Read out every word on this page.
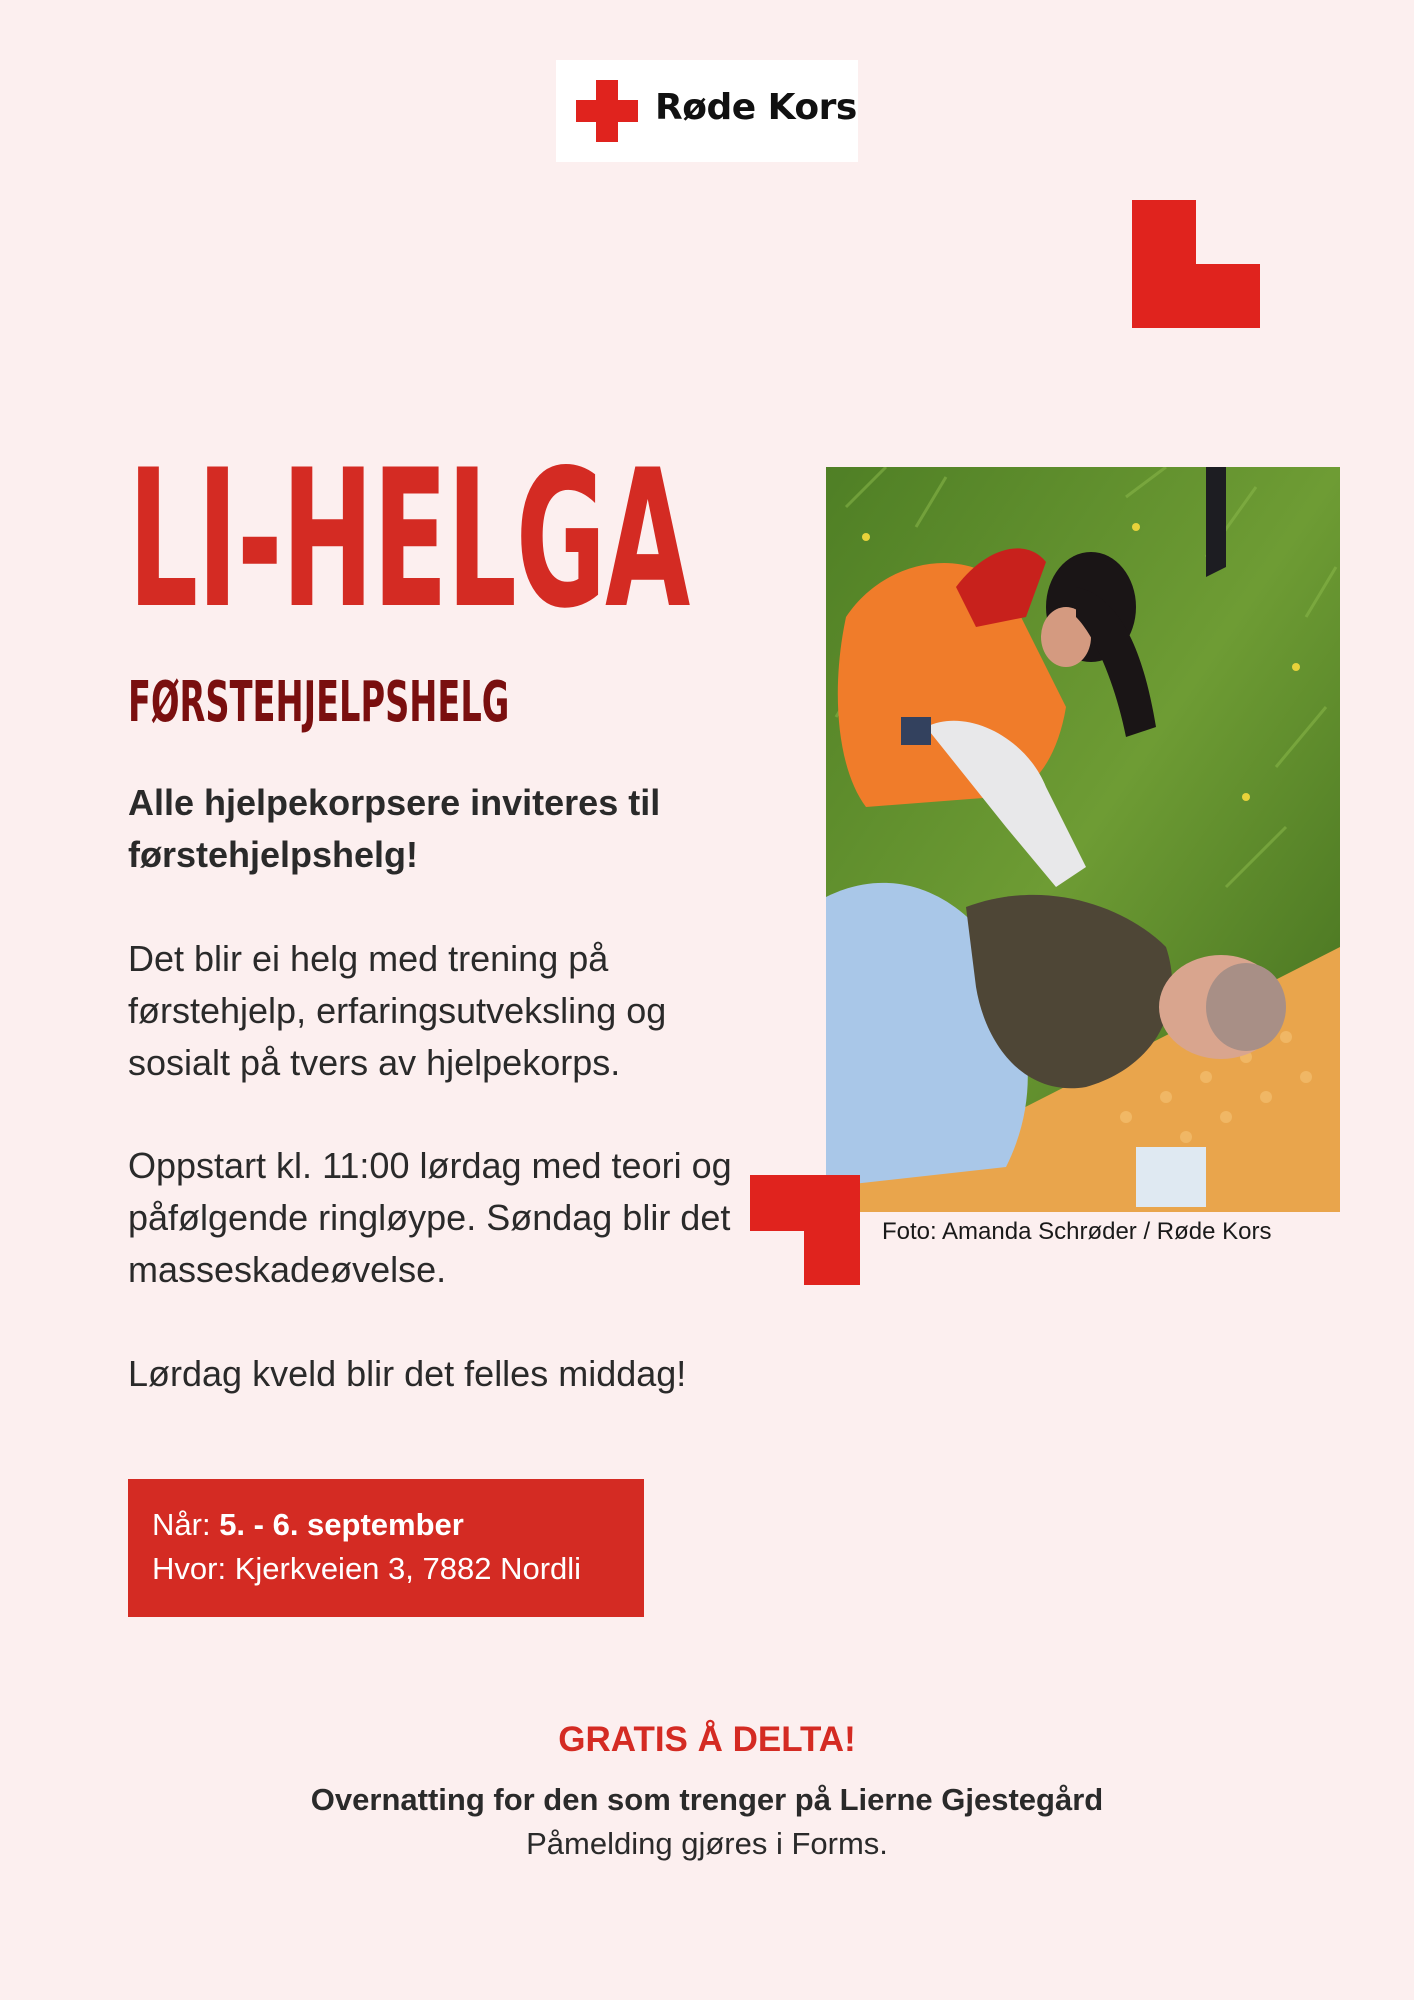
Røde Kors
LI-HELGA
FØRSTEHJELPSHELG
Alle hjelpekorpsere inviteres til førstehjelpshelg!
Det blir ei helg med trening på førstehjelp, erfaringsutveksling og sosialt på tvers av hjelpekorps.
Oppstart kl. 11:00 lørdag med teori og påfølgende ringløype. Søndag blir det masseskadeøvelse.
Lørdag kveld blir det felles middag!
Foto: Amanda Schrøder / Røde Kors
Når: 5. - 6. september
Hvor: Kjerkveien 3, 7882 Nordli
GRATIS Å DELTA!
Overnatting for den som trenger på Lierne Gjestegård
Påmelding gjøres i Forms.
